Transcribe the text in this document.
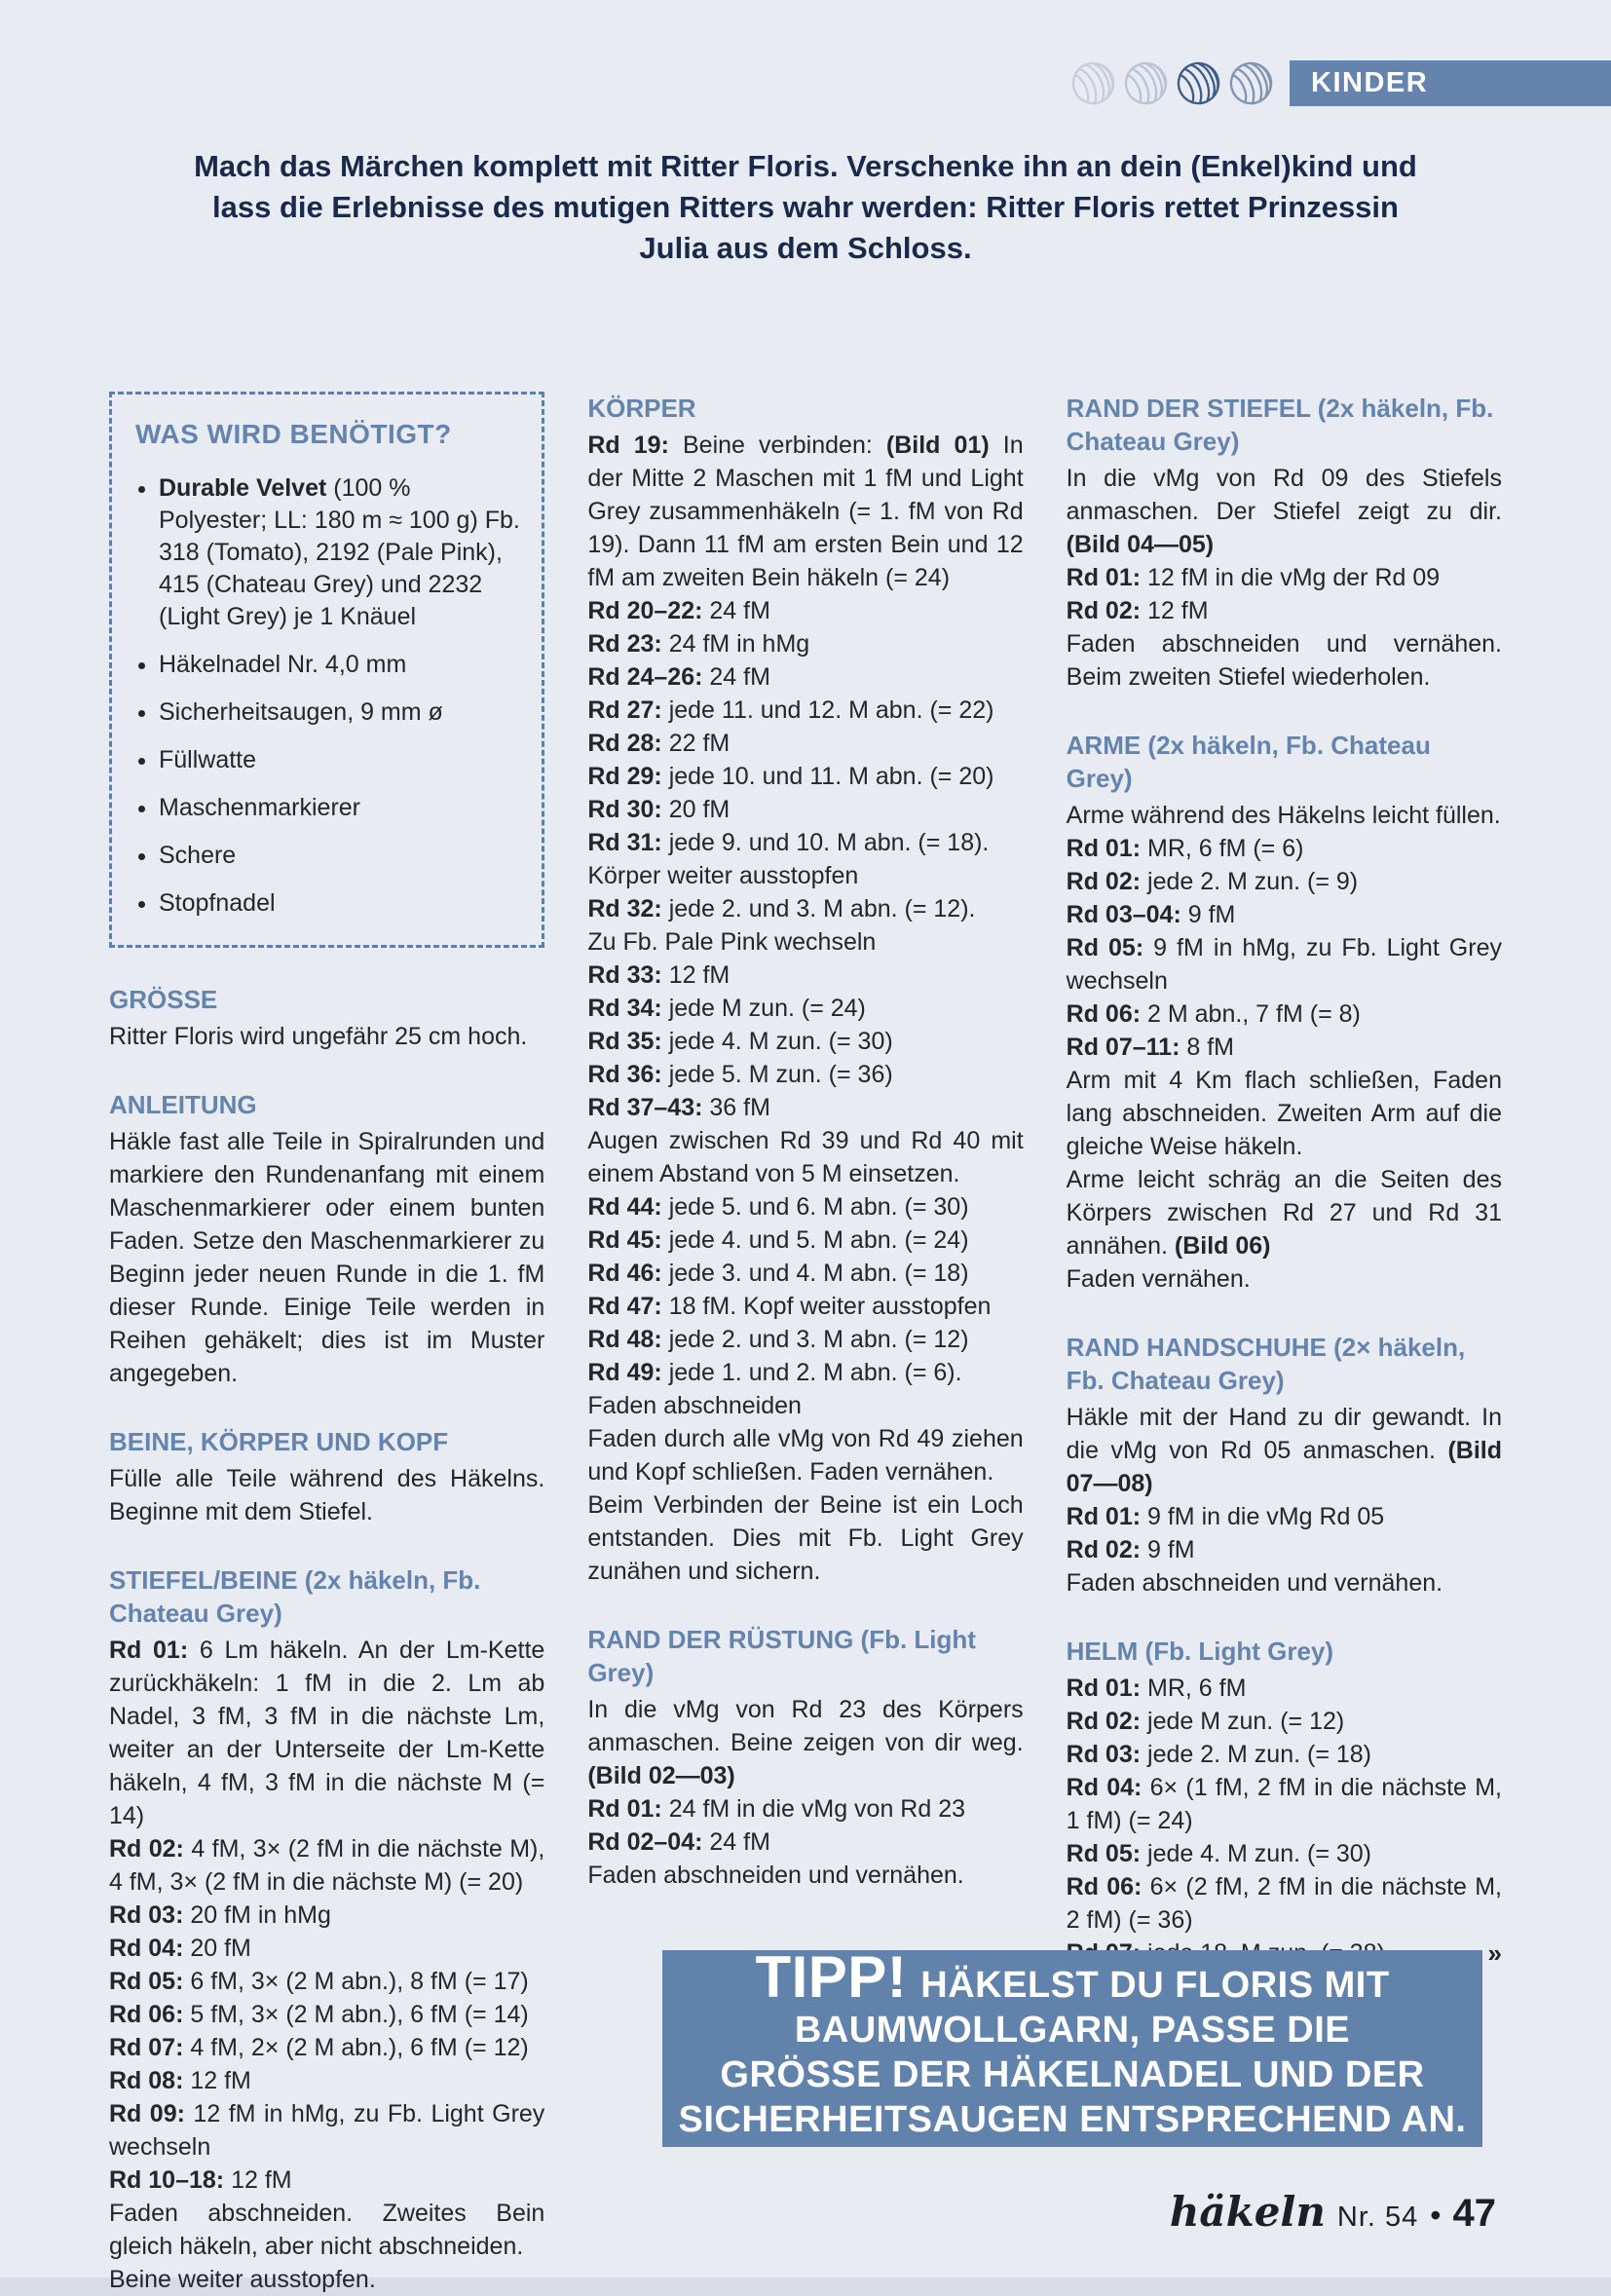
KINDER
Mach das Märchen komplett mit Ritter Floris. Verschenke ihn an dein (Enkel)kind und
lass die Erlebnisse des mutigen Ritters wahr werden: Ritter Floris rettet Prinzessin
Julia aus dem Schloss.
WAS WIRD BENÖTIGT?
• Durable Velvet (100 % Polyester; LL: 180 m ≈ 100 g) Fb. 318 (Tomato), 2192 (Pale Pink), 415 (Chateau Grey) und 2232 (Light Grey) je 1 Knäuel
• Häkelnadel Nr. 4,0 mm
• Sicherheitsaugen, 9 mm ø
• Füllwatte
• Maschenmarkierer
• Schere
• Stopfnadel
GRÖSSE

Ritter Floris wird ungefähr 25 cm hoch.

ANLEITUNG

Häkle fast alle Teile in Spiralrunden und markiere den Rundenanfang mit einem Maschenmarkierer oder einem bunten Faden. Setze den Maschenmarkierer zu Beginn jeder neuen Runde in die 1. fM dieser Runde. Einige Teile werden in Reihen gehäkelt; dies ist im Muster angegeben.

BEINE, KÖRPER UND KOPF

Fülle alle Teile während des Häkelns. Beginne mit dem Stiefel.

STIEFEL/BEINE (2x häkeln, Fb. Chateau Grey)

Rd 01: 6 Lm häkeln. An der Lm-Kette zurückhäkeln: 1 fM in die 2. Lm ab Nadel, 3 fM, 3 fM in die nächste Lm, weiter an der Unterseite der Lm-Kette häkeln, 4 fM, 3 fM in die nächste M (= 14)

Rd 02: 4 fM, 3× (2 fM in die nächste M), 4 fM, 3× (2 fM in die nächste M) (= 20)

Rd 03: 20 fM in hMg

Rd 04: 20 fM

Rd 05: 6 fM, 3× (2 M abn.), 8 fM (= 17)

Rd 06: 5 fM, 3× (2 M abn.), 6 fM (= 14)

Rd 07: 4 fM, 2× (2 M abn.), 6 fM (= 12)

Rd 08: 12 fM

Rd 09: 12 fM in hMg, zu Fb. Light Grey wechseln

Rd 10–18: 12 fM

Faden abschneiden. Zweites Bein gleich häkeln, aber nicht abschneiden.

Beine weiter ausstopfen.

KÖRPER

Rd 19: Beine verbinden: (Bild 01) In der Mitte 2 Maschen mit 1 fM und Light Grey zusammenhäkeln (= 1. fM von Rd 19). Dann 11 fM am ersten Bein und 12 fM am zweiten Bein häkeln (= 24)

Rd 20–22: 24 fM

Rd 23: 24 fM in hMg

Rd 24–26: 24 fM

Rd 27: jede 11. und 12. M abn. (= 22)

Rd 28: 22 fM

Rd 29: jede 10. und 11. M abn. (= 20)

Rd 30: 20 fM

Rd 31: jede 9. und 10. M abn. (= 18).

Körper weiter ausstopfen

Rd 32: jede 2. und 3. M abn. (= 12).

Zu Fb. Pale Pink wechseln

Rd 33: 12 fM

Rd 34: jede M zun. (= 24)

Rd 35: jede 4. M zun. (= 30)

Rd 36: jede 5. M zun. (= 36)

Rd 37–43: 36 fM

Augen zwischen Rd 39 und Rd 40 mit einem Abstand von 5 M einsetzen.

Rd 44: jede 5. und 6. M abn. (= 30)

Rd 45: jede 4. und 5. M abn. (= 24)

Rd 46: jede 3. und 4. M abn. (= 18)

Rd 47: 18 fM. Kopf weiter ausstopfen

Rd 48: jede 2. und 3. M abn. (= 12)

Rd 49: jede 1. und 2. M abn. (= 6).

Faden abschneiden

Faden durch alle vMg von Rd 49 ziehen und Kopf schließen. Faden vernähen.

Beim Verbinden der Beine ist ein Loch entstanden. Dies mit Fb. Light Grey zunähen und sichern.

RAND DER RÜSTUNG (Fb. Light Grey)

In die vMg von Rd 23 des Körpers anmaschen. Beine zeigen von dir weg. (Bild 02—03)

Rd 01: 24 fM in die vMg von Rd 23

Rd 02–04: 24 fM

Faden abschneiden und vernähen.

RAND DER STIEFEL (2x häkeln, Fb. Chateau Grey)

In die vMg von Rd 09 des Stiefels anmaschen. Der Stiefel zeigt zu dir. (Bild 04—05)

Rd 01: 12 fM in die vMg der Rd 09

Rd 02: 12 fM

Faden abschneiden und vernähen. Beim zweiten Stiefel wiederholen.

ARME (2x häkeln, Fb. Chateau Grey)

Arme während des Häkelns leicht füllen.

Rd 01: MR, 6 fM (= 6)

Rd 02: jede 2. M zun. (= 9)

Rd 03–04: 9 fM

Rd 05: 9 fM in hMg, zu Fb. Light Grey wechseln

Rd 06: 2 M abn., 7 fM (= 8)

Rd 07–11: 8 fM

Arm mit 4 Km flach schließen, Faden lang abschneiden. Zweiten Arm auf die gleiche Weise häkeln.

Arme leicht schräg an die Seiten des Körpers zwischen Rd 27 und Rd 31 annähen. (Bild 06)

Faden vernähen.

RAND HANDSCHUHE (2× häkeln, Fb. Chateau Grey)

Häkle mit der Hand zu dir gewandt. In die vMg von Rd 05 anmaschen. (Bild 07—08)

Rd 01: 9 fM in die vMg Rd 05

Rd 02: 9 fM

Faden abschneiden und vernähen.

HELM (Fb. Light Grey)

Rd 01: MR, 6 fM

Rd 02: jede M zun. (= 12)

Rd 03: jede 2. M zun. (= 18)

Rd 04: 6× (1 fM, 2 fM in die nächste M, 1 fM) (= 24)

Rd 05: jede 4. M zun. (= 30)

Rd 06: 6× (2 fM, 2 fM in die nächste M, 2 fM) (= 36)

»
TIPP! HÄKELST DU FLORIS MIT
BAUMWOLLGARN, PASSE DIE
GRÖSSE DER HÄKELNADEL UND DER
SICHERHEITSAUGEN ENTSPRECHEND AN.
häkeln Nr. 54 • 47
